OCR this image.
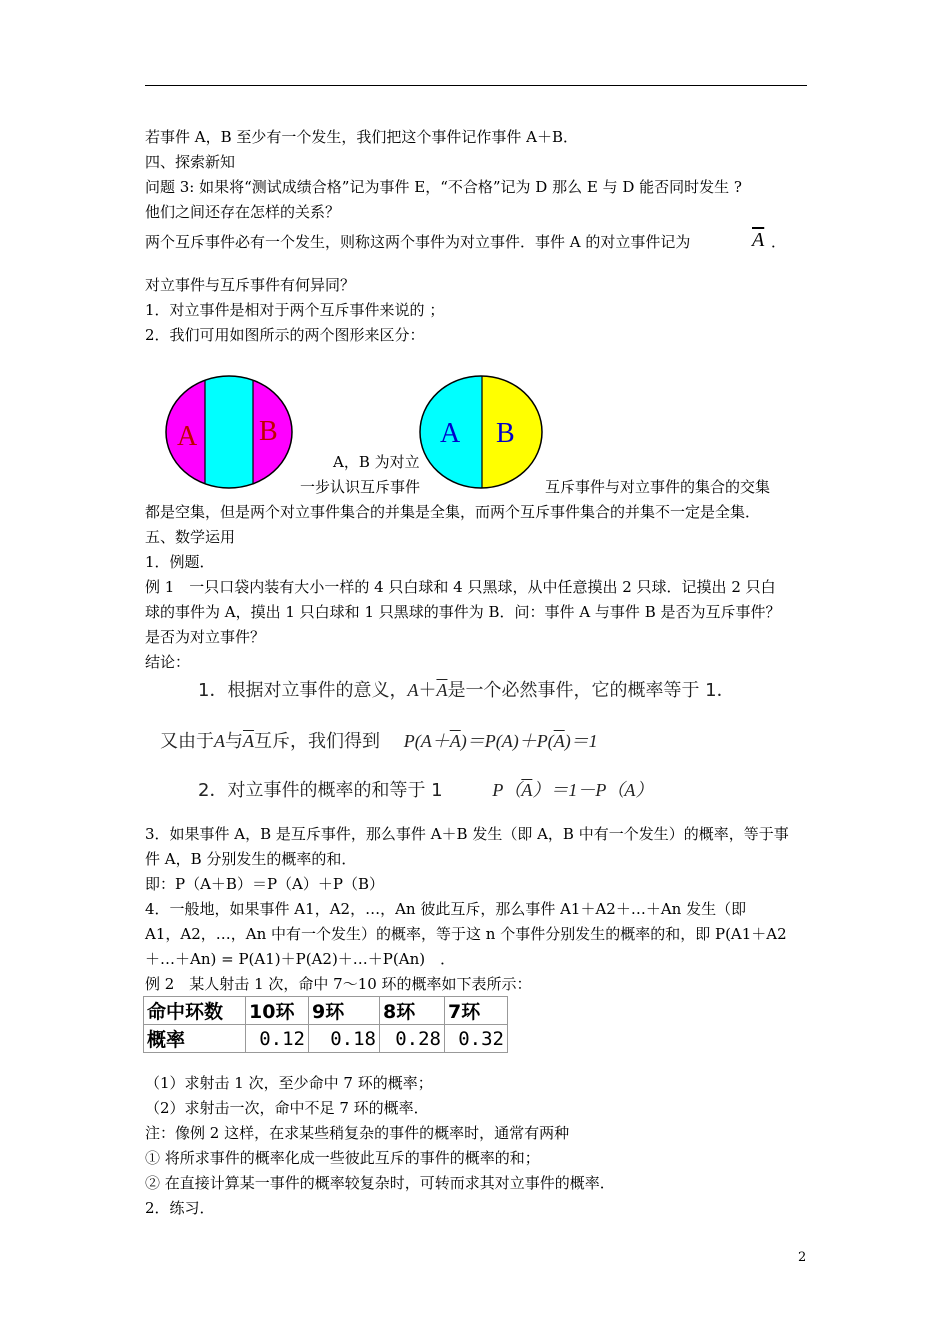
若事件 A，B 至少有一个发生，我们把这个事件记作事件 A＋B．
四、探索新知
问题 3: 如果将“测试成绩合格”记为事件 E，“不合格”记为 D 那么 E 与 D 能否同时发生 ?
他们之间还存在怎样的关系？
两个互斥事件必有一个发生，则称这两个事件为对立事件．事件 A 的对立事件记为	$\overline{A}$ ．
对立事件与互斥事件有何异同？
1．对立事件是相对于两个互斥事件来说的 ；
2．我们可用如图所示的两个图形来区分：
A B	A B
A，B 为对立
一步认识互斥事件	互斥事件与对立事件的集合的交集
都是空集，但是两个对立事件集合的并集是全集，而两个互斥事件集合的并集不一定是全集．
五、数学运用
1．例题．
例 1　一只口袋内装有大小一样的 4 只白球和 4 只黑球，从中任意摸出 2 只球．记摸出 2 只白
球的事件为 A，摸出 1 只白球和 1 只黑球的事件为 B．问：事件 A 与事件 B 是否为互斥事件？
是否为对立事件？
结论：
1．根据对立事件的意义，$A+\overline{A}$是一个必然事件，它的概率等于 1．
又由于A与$\overline{A}$互斥，我们得到 $P(A+\overline{A})=P(A)+P(\overline{A})=1$
2．对立事件的概率的和等于 1	$P(\overline{A})=1-P(A)$
3．如果事件 A，B 是互斥事件，那么事件 A＋B 发生（即 A，B 中有一个发生）的概率，等于事
件 A，B 分别发生的概率的和．
即：P（A＋B）＝P（A）＋P（B）
4．一般地，如果事件 A1，A2，…，An 彼此互斥，那么事件 A1＋A2＋…＋An 发生（即
A1，A2，…，An 中有一个发生）的概率，等于这 n 个事件分别发生的概率的和，即 P(A1＋A2
＋…＋An) = P(A1)＋P(A2)＋…＋P(An)　．
例 2　某人射击 1 次，命中 7～10 环的概率如下表所示：
命中环数	10环	9环	8环	7环
概率	0.12	0.18	0.28	0.32
（1）求射击 1 次，至少命中 7 环的概率；
（2）求射击一次，命中不足 7 环的概率．
注：像例 2 这样，在求某些稍复杂的事件的概率时，通常有两种
① 将所求事件的概率化成一些彼此互斥的事件的概率的和；
② 在直接计算某一事件的概率较复杂时，可转而求其对立事件的概率．
2．练习．
2
